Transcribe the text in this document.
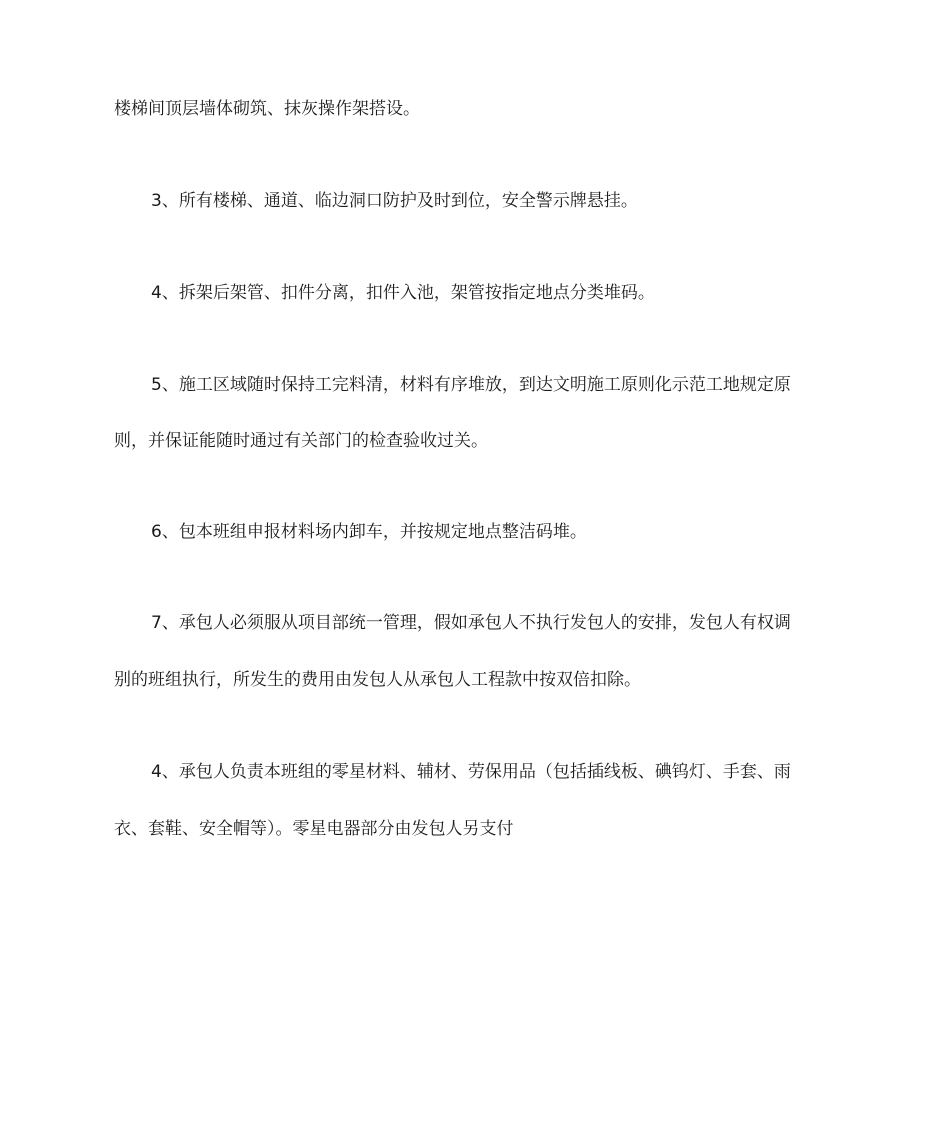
楼梯间顶层墙体砌筑、抹灰操作架搭设。
3、所有楼梯、通道、临边洞口防护及时到位，安全警示牌悬挂。
4、拆架后架管、扣件分离，扣件入池，架管按指定地点分类堆码。
5、施工区域随时保持工完料清，材料有序堆放，到达文明施工原则化示范工地规定原
则，并保证能随时通过有关部门的检查验收过关。
6、包本班组申报材料场内卸车，并按规定地点整洁码堆。
7、承包人必须服从项目部统一管理，假如承包人不执行发包人的安排，发包人有权调
别的班组执行，所发生的费用由发包人从承包人工程款中按双倍扣除。
4、承包人负责本班组的零星材料、辅材、劳保用品（包括插线板、碘钨灯、手套、雨
衣、套鞋、安全帽等）。零星电器部分由发包人另支付
